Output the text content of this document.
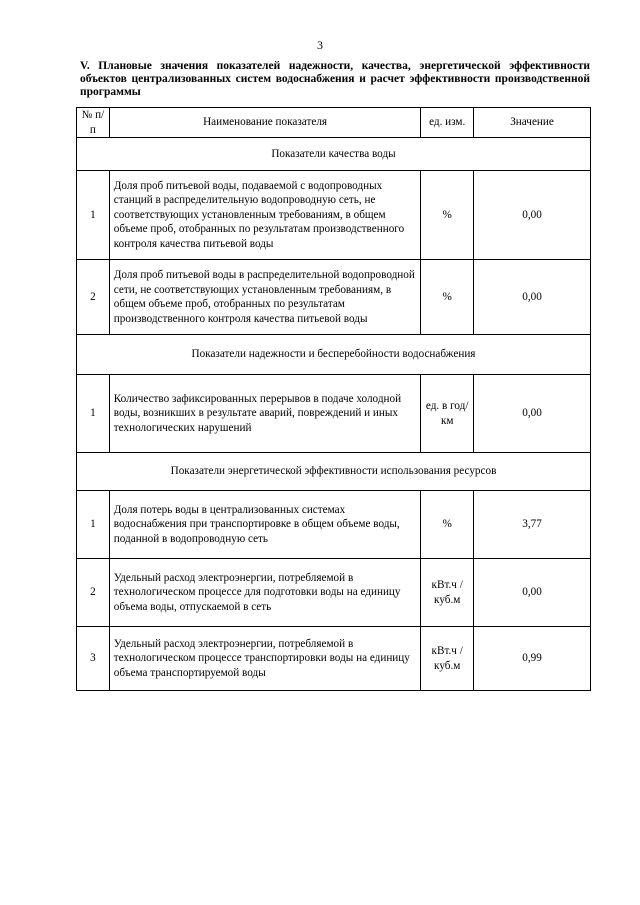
3
V. Плановые значения показателей надежности, качества, энергетической эффективности объектов централизованных систем водоснабжения и расчет эффективности производственной программы
№ п/п	Наименование показателя	ед. изм.	Значение
Показатели качества воды			
1	Доля проб питьевой воды, подаваемой с водопроводных станций в распределительную водопроводную сеть, не соответствующих установленным требованиям, в общем объеме проб, отобранных по результатам производственного контроля качества питьевой воды	%	0,00
2	Доля проб питьевой воды в распределительной водопроводной сети, не соответствующих установленным требованиям, в общем объеме проб, отобранных по результатам производственного контроля качества питьевой воды	%	0,00
Показатели надежности и бесперебойности водоснабжения			
1	Количество зафиксированных перерывов в подаче холодной воды, возникших в результате аварий, повреждений и иных технологических нарушений	ед. в год/ км	0,00
Показатели энергетической эффективности использования ресурсов			
1	Доля потерь воды в централизованных системах водоснабжения при транспортировке в общем объеме воды, поданной в водопроводную сеть	%	3,77
2	Удельный расход электроэнергии, потребляемой в технологическом процессе для подготовки воды на единицу объема воды, отпускаемой в сеть	кВт.ч / куб.м	0,00
3	Удельный расход электроэнергии, потребляемой в технологическом процессе транспортировки воды на единицу объема транспортируемой воды	кВт.ч / куб.м	0,99
